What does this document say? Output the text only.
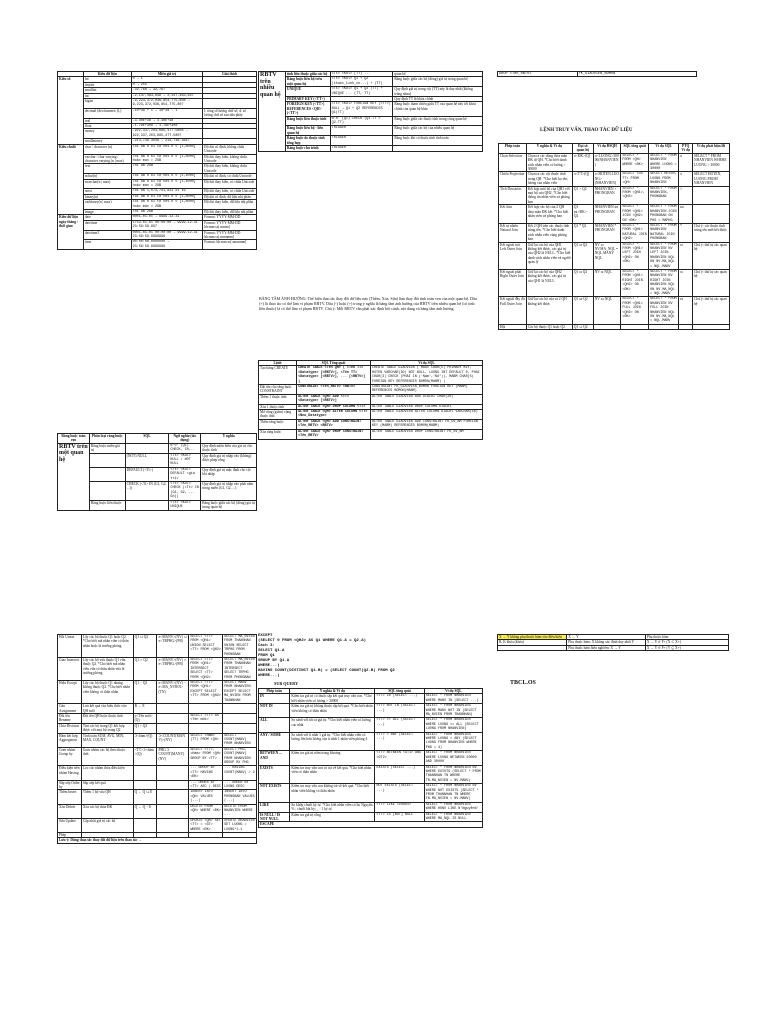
	Kiểu dữ liệu	Miền giá trị	Giải thích
Kiểu số	bit	0 → 1	
	tinyint	0 → 255	
	smallint	-32,768 → 32,767	
	int	-2,147,483,648 → 2,147,483,647	
	bigint	-9,223,372,036,854,775,808 → 9,223,372,036,854,775,807	
	decimal (dec/numeric (l,)	-10^38 + 1 → 10^38 - 1	l: tổng số lượng chữ số; d: số lượng chữ số sau dấu phẩy
	real	-3.40E+38 → 3.40E+38	
	float	-1.79E+308 → 1.79E+308	
	money	-922,337,203,685,477.5808 → 922,337,203,685,477.5807	
	smallmoney	-214,748.3648 → 214,748.3647	
Kiểu chuỗi	char / character (n)	Tối đa n kí tự với n ∈ [1,8000]	Độ dài cố định, không chứa Unicode
	varchar / char varying / character varying (n | max)	Tối đa n kí tự với n ∈ [1,8000] hoặc max = 2GB	Độ dài thay biến, không chứa Unicode
	text	Tối đa 2GB	Độ dài thay biến, không chứa Unicode
	nchar(n)	Tối đa n kí tự với n ∈ [1,4000]	Độ dài cố định, có chứa Unicode
	nvarchar(n | max)	Tối đa n kí tự với n ∈ [1,4000] hoặc max = 2GB	Độ dài thay biến, có chứa Unicode
	ntext	Tối đa 1,073,741,823 kí tự	Độ dài thay biến, có chứa Unicode
	binary(n)	Tối đa n kí tự với n ∈ [1,8000]	Độ dài cố định, dữ liệu nhị phân
	varbinary(n | max)	Tối đa n kí tự với n ∈ [1,8000] hoặc max = 2GB	Độ dài thay biến, dữ liệu nhị phân
	image	Tối đa 2GB	Độ dài thay biến, dữ liệu nhị phân
Kiểu dữ liệu ngày tháng / thời gian	date	0001-01-01 → 9999-12-31	Format: YYYY-MM-DD
	datetime	1753-01-01 00:00:00 → 9999-12-31 23:59:59.997	Format: YYYY-MM-DD hh:mm:ss[.mmm]
	datetime2	0001-01-01 00:00:00 → 9999-12-31 23:59:59.9999999	Format: YYYY-MM-DD hh:mm:ss[.nnnnnnn]
	time	00:00:00.0000000 → 23:59:59.9999999	Format: hh:mm:ss[.nnnnnnn]
Ràng buộc toàn vẹn	Phân loại ràng buộc	SQL	Ngữ nghĩa (tác dụng)	Ý nghĩa
RBTV trên một quan hệ	Ràng buộc miền giá trị		N'0' (Q1) CHECK, IN...	Quy định miền biến của giá trị cho thuộc tính
		(NOT) NULL	<Tt> <Kdl> NULL / NOT NULL	Quy định giá trị nhập vào (không) được phép rỗng
		DEFAULT (<Tt>)	<Tt> <Kdl> DEFAULT <giá trị>	Quy định giá trị mặc định cho cột khi nhập
		CHECK (<Tt> IN (G1, G2, ...))	<Tt> <Kdl> CHECK (<Tt> IN (G1, G2, ... Gn))	Quy định giá trị nhập vào phải nằm trong miền (G1, G2, ...)
	Ràng buộc liên thuộc		<Tt> <Kdl> UNIQUE	Ràng buộc giữa các bộ (dòng) giá trị trong quan hệ
RBTV trên nhiều quan hệ	tính liên thuộc giữa các bộ	<Tt> <Kdl> (TT) ...	quan hệ
	Ràng buộc liên bộ trên một quan hệ	<Tt> <Kdl> Q1 + Q2 (thuộc_tính_cn...) + (TT)	Ràng buộc giữa các bộ (dòng) giá trị trong quan hệ
	UNIQUE	<Tt> <Kdl> Q1 + Q2 (TT) + UNIQUE ... (TT, TT)	Quy định giá trị trong cột (TT) này là duy nhất (không trùng nhau)
	PRIMARY KEY (<TT>)		Quy định TT là khóa chính
	FOREIGN KEY (<TT>) REFERENCES <QH>(<TT>)	<Tt> <Kdl> FOREIGN KEY (<TT>) NULL → Q1 + Q2 REFERENCES Q1(TT)	Ràng buộc tham chiếu giữa TT của quan hệ này tới khóa chính của quan hệ khác
	Ràng buộc liên thuộc tính	N'0' (Q1) CHECK (Q1.TT > Q2.TT)	Ràng buộc giữa các thuộc tính trong cùng quan hệ
	Ràng buộc liên bộ - liên quan hệ	TRIGGER	Ràng buộc giữa các bộ của nhiều quan hệ
	Ràng buộc do thuộc tính tổng hợp	TRIGGER	Ràng buộc khi có thuộc tính tính toán
	Ràng buộc chu trình	TRIGGER	
BẢNG TẦM ẢNH HƯỞNG: Thể hiện thao tác thay đổi dữ liệu nào (Thêm, Xóa, Sửa) làm thay đổi tính toàn vẹn của một quan hệ. Dấu (+) là thao tác có thể làm vi phạm RBTV. Dấu (-) hoặc (+) trong ý nghĩa là bảng tầm ảnh hưởng của RBTV trên nhiều quan hệ (có tính liên thuộc) là có thể làm vi phạm RBTV. Chú ý: Mỗi RBTV cần phải xác định bối cảnh, nội dung và bảng tầm ảnh hưởng.
Lệnh	SQL Tổng quát	Ví dụ SQL
Tạo bảng CREATE	CREATE TABLE <Tên QH> ( <Tên TT> <Datatype> [<RBTV>], <Tên TT> <Datatype> [<RBTV>], ... [<RBTV>] )	CREATE TABLE GIAOVIEN ( MAGV CHAR(5) PRIMARY KEY, HOTEN VARCHAR(30) NOT NULL, LUONG INT DEFAULT 0, PHAI CHAR(3) CHECK (PHAI IN ('Nam','Nữ')), MABM CHAR(5) FOREIGN KEY REFERENCES BOMON(MABM) )
Đặt tên cho ràng buộc CONSTRAINT	CONSTRAINT <Tên_RBTV> <RBTV>	CONSTRAINT FK_GIAOVIEN_BOMON FOREIGN KEY (MABM) REFERENCES BOMON(MABM)
Thêm 1 thuộc tính	ALTER TABLE <QH> ADD <TT> <Datatype> [<RBTV>]	ALTER TABLE GIAOVIEN ADD DIACHI CHAR(20)
Xóa 1 thuộc tính	ALTER TABLE <QH> DROP COLUMN <TT>	ALTER TABLE GIAOVIEN DROP COLUMN DIACHI
Mở rộng (giảm) vùng thuộc tính	ALTER TABLE <QH> ALTER COLUMN <TT> <New_Datatype>	ALTER TABLE GIAOVIEN ALTER COLUMN DIACHI VARCHAR(50)
Thêm ràng buộc	ALTER TABLE <QH> ADD CONSTRAINT <Tên_RBTV> <RBTV>	ALTER TABLE GIAOVIEN ADD CONSTRAINT FK_GV_BM FOREIGN KEY (MABM) REFERENCES BOMON(MABM)
Xóa ràng buộc	ALTER TABLE <QH> DROP CONSTRAINT <Tên_RBTV>	ALTER TABLE GIAOVIEN DROP CONSTRAINT FK_GV_BM
DROP <Tên_RBTV>	FK_GIAOVIEN_BOMON
LỆNH TRUY VẤN, THAO TÁC DỮ LIỆU
Phép toán	Ý nghĩa & Ví dụ	Đại số quan hệ	Ví dụ ĐSQH	SQL tổng quát	Ví dụ SQL	PTQ Ví dụ	Ví dụ phát hiện lỗi
Chọn Selection	Chọn ra các dòng thỏa mãn ĐK từ QH. *Cho biết danh sách nhân viên có lương > 30000	σ<ĐK>(Q)	σ<LUONG>30000(NHANVIEN)	SELECT * FROM <QH> WHERE <ĐK>	SELECT * FROM NHANVIEN WHERE LUONG > 30000	σ	SELECT * FROM NHANVIEN WHERE LUONG > 30000
Chiếu Projection	Chọn ra các cột thuộc tính trong QH. *Cho biết họ tên, lương của nhân viên	π<TT>(Q)	π<HOTEN,LUONG>(NHANVIEN)	SELECT <DS TT> FROM <QH>	SELECT HOTEN, LUONG FROM NHANVIEN	π	SELECT HOTEN, LUONG FROM NHANVIEN
Tích Descartes	Kết hợp mỗi bộ của QH1 với mọi bộ của QH2. *Cho biết thông tin nhân viên và phòng ban	Q1 × Q2	NHANVIEN × PHONGBAN	SELECT * FROM <QH1>, <QH2>	SELECT * FROM NHANVIEN, PHONGBAN	×	
Kết Join	Kết hợp các bộ của 2 QH thỏa mãn ĐK kết. *Cho biết nhân viên và phòng ban	Q1 ⋈<ĐK> Q2	NHANVIEN ⋈ PHONGBAN	SELECT * FROM <QH1> JOIN <QH2> ON <ĐK>	SELECT * FROM NHANVIEN JOIN PHONGBAN ON PHG = MAPHG	⋈	
Kết tự nhiên Natural Join	Kết 2 QH trên các thuộc tính trùng tên. *Cho biết danh sách nhân viên cùng phòng ban	Q1 * Q2	NHANVIEN * PHONGBAN	SELECT * FROM <QH1> NATURAL JOIN <QH2>	SELECT * FROM NHANVIEN NATURAL JOIN PHONGBAN	*	Chú ý: các thuộc tính trùng tên mới kết được
Kết ngoài trái Left Outer Join	Giữ lại các bộ của QH1 không kết được, các giá trị của QH2 là NULL. *Cho biết danh sách nhân viên và người quản lý	Q1 ⟕ Q2	NV ⟕ NV.MA_NQL = NQL.MANV NQL	SELECT * FROM <QH1> LEFT JOIN <QH2> ON <ĐK>	SELECT * FROM NHANVIEN NV LEFT JOIN NHANVIEN NQL ON NV.MA_NQL = NQL.MANV	⟕	Chú ý: thứ tự các quan hệ
Kết ngoài phải Right Outer Join	Giữ lại các bộ của QH2 không kết được, các giá trị của QH1 là NULL	Q1 ⟖ Q2	NV ⟖ NQL	SELECT * FROM <QH1> RIGHT JOIN <QH2> ON <ĐK>	SELECT * FROM NHANVIEN NV RIGHT JOIN NHANVIEN NQL ON NV.MA_NQL = NQL.MANV	⟖	Chú ý: thứ tự các quan hệ
Kết ngoài đầy đủ Full Outer Join	Giữ lại các bộ của cả 2 QH không kết được	Q1 ⟗ Q2	NV ⟗ NQL	SELECT * FROM <QH1> FULL JOIN <QH2> ON <ĐK>	SELECT * FROM NHANVIEN NV FULL JOIN NHANVIEN NQL ON NV.MA_NQL = NQL.MANV	⟗	Chú ý: thứ tự các quan hệ
Hội	Các bộ thuộc Q1 hoặc Q2	Q1 ∪ Q2					
Hội Union	Lấy các bộ thuộc Q1 hoặc Q2. *Cho biết mã nhân viên có thân nhân hoặc là trưởng phòng	Q1 ∪ Q2	π<MANV>(NV) ∪ π<TRPHG>(PB)	SELECT <TT> FROM <QH1> UNION SELECT <TT> FROM <QH2>	SELECT MA_NVIEN FROM THANNHAN UNION SELECT TRPHG FROM PHONGBAN
Giao Intersect	Lấy các bộ vừa thuộc Q1 vừa thuộc Q2. *Cho biết mã nhân viên vừa có thân nhân vừa là trưởng phòng	Q1 ∩ Q2	π<MANV>(NV) ∩ π<TRPHG>(PB)	SELECT <TT> FROM <QH1> INTERSECT SELECT <TT> FROM <QH2>	SELECT MA_NVIEN FROM THANNHAN INTERSECT SELECT TRPHG FROM PHONGBAN
Hiệu Except	Lấy các bộ thuộc Q1 nhưng không thuộc Q2. *Cho biết nhân viên không có thân nhân	Q1 − Q2	π<MANV>(NV) − π<MA_NVIEN>(TN)	SELECT <TT> FROM <QH1> EXCEPT SELECT <TT> FROM <QH2>	SELECT MANV FROM NHANVIEN EXCEPT SELECT MA_NVIEN FROM THANNHAN
Gán Assignment	Lưu kết quả của biểu thức vào QH mới	R ← E			
Đổi tên Rename	Đổi tên QH hoặc thuộc tính	ρ<Tên mới>(Q)		SELECT <TT> AS <Tên mới>	
Chia Division	Tìm các bộ trong Q1 kết hợp được với mọi bộ trong Q2	Q1 ÷ Q2			
Hàm kết hợp Aggregation	Tính toán SUM, AVG, MIN, MAX, COUNT	ℑ<hàm>(Q)	ℑ<COUNT(MANV)>(NV)	SELECT <Hàm>(TT) FROM <QH>	SELECT COUNT(MANV) FROM NHANVIEN
Gom nhóm Group by	Gom nhóm các bộ theo thuộc tính	<TT>ℑ<hàm>(Q)	PHG ℑ COUNT(MANV)(NV)	SELECT <TT>, <Hàm> FROM <QH> GROUP BY <TT>	SELECT PHG, COUNT(MANV) FROM NHANVIEN GROUP BY PHG
Điều kiện trên nhóm Having	Lọc các nhóm thỏa điều kiện			... GROUP BY <TT> HAVING <ĐK>	... HAVING COUNT(MANV) > 2
Sắp xếp Order by	Sắp xếp kết quả			... ORDER BY <TT> ASC | DESC	... ORDER BY LUONG DESC
Thêm Insert	Thêm 1 bộ vào QH	Q ← Q ∪ E		INSERT INTO <QH> VALUES (...)	INSERT INTO PHONGBAN VALUES (...)
Xóa Delete	Xóa các bộ thỏa ĐK	Q ← Q − E		DELETE FROM <QH> WHERE <ĐK>	DELETE FROM NHANVIEN WHERE ...
Sửa Update	Cập nhật giá trị các bộ			UPDATE <QH> SET <TT> = <GT> WHERE <ĐK>	UPDATE NHANVIEN SET LUONG = LUONG*1.1
Phép					
Lưu ý: Dùng thao tác thay đổi dữ liệu trên thao tác →					
EXCEPT
(SELECT 0 FROM <QH2> AS Q1 WHERE Q1.A = Q2.A)
Cách 3:
SELECT Q1.A
FROM Q1
GROUP BY Q1.A
WHERE...)
HAVING COUNT(DISTINCT Q1.B) = (SELECT COUNT(Q2.B) FROM Q2
WHERE...)
SUB QUERY
Phép toán	Ý nghĩa & Ví dụ	SQL tổng quát	Ví dụ SQL
IN	Kiểm tra giá trị có thuộc tập kết quả truy vấn con. *Cho biết nhân viên có lương > 30000	<TT> IN (SELECT ...)	SELECT * FROM NHANVIEN WHERE MANV IN (SELECT ...)
NOT IN	Kiểm tra giá trị không thuộc tập kết quả. *Cho biết nhân viên không có thân nhân	<TT> NOT IN (SELECT ...)	SELECT * FROM NHANVIEN WHERE MANV NOT IN (SELECT MA_NVIEN FROM THANNHAN)
ALL	So sánh với tất cả giá trị. *Cho biết nhân viên có lương cao nhất	<TT> >= ALL (SELECT ...)	SELECT * FROM NHANVIEN WHERE LUONG >= ALL (SELECT LUONG FROM NHANVIEN)
ANY / SOME	So sánh với ít nhất 1 giá trị. *Cho biết nhân viên có lương lớn hơn lương của ít nhất 1 nhân viên phòng 4	<TT> > ANY (SELECT ...)	SELECT * FROM NHANVIEN WHERE LUONG > ANY (SELECT LUONG FROM NHANVIEN WHERE PHG = 4)
BETWEEN ... AND	Kiểm tra giá trị nằm trong khoảng	<TT> BETWEEN <GT1> AND <GT2>	SELECT * FROM NHANVIEN WHERE LUONG BETWEEN 20000 AND 30000
EXISTS	Kiểm tra truy vấn con có trả về kết quả. *Cho biết nhân viên có thân nhân	EXISTS (SELECT ...)	SELECT * FROM NHANVIEN NV WHERE EXISTS (SELECT * FROM THANNHAN TN WHERE TN.MA_NVIEN = NV.MANV)
NOT EXISTS	Kiểm tra truy vấn con không trả về kết quả. *Cho biết nhân viên không có thân nhân	NOT EXISTS (SELECT ...)	SELECT * FROM NHANVIEN NV WHERE NOT EXISTS (SELECT * FROM THANNHAN TN WHERE TN.MA_NVIEN = NV.MANV)
LIKE	So khớp chuỗi ký tự. *Cho biết nhân viên có họ Nguyễn. % : chuỗi bất kỳ; _ : 1 ký tự	<TT> LIKE <chuỗi>	SELECT * FROM NHANVIEN WHERE HONV LIKE N'Nguyễn%'
IS NULL / IS NOT NULL	Kiểm tra giá trị rỗng	<TT> IS [NOT] NULL	SELECT * FROM NHANVIEN WHERE MA_NQL IS NULL
ESCAPE			
X → Y không phụ thuộc hàm vào điều kiện	X → Y	Phụ thuộc hàm
R, K khóa (khóa)	Phụ thuộc hàm: X không xác định duy nhất Y	X → Y ∈ F+ (X ⊂ X+)
	Phụ thuộc hàm hiệu nghiệm: X → Y	X → Y ∈ F+ (Y ⊆ X+)
TBCL.OS
